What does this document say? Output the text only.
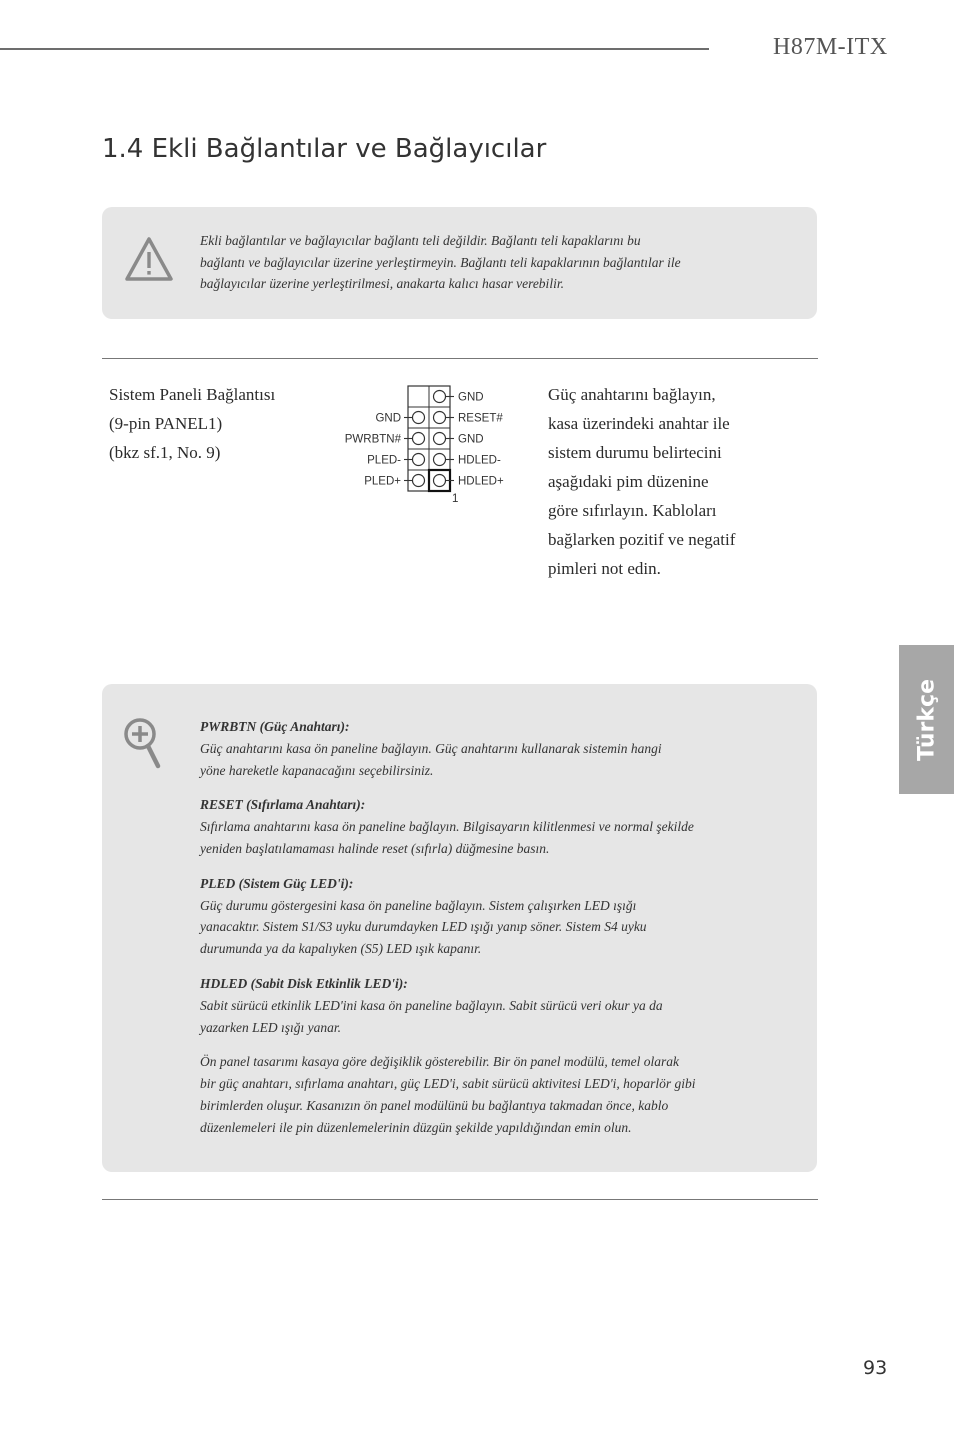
H87M-ITX
1.4 Ekli Bağlantılar ve Bağlayıcılar
Ekli bağlantılar ve bağlayıcılar bağlantı teli değildir. Bağlantı teli kapaklarını bu
bağlantı ve bağlayıcılar üzerine yerleştirmeyin. Bağlantı teli kapaklarının bağlantılar ile
bağlayıcılar üzerine yerleştirilmesi, anakarta kalıcı hasar verebilir.
Sistem Paneli Bağlantısı
(9-pin PANEL1)
(bkz sf.1, No. 9)
GND
RESET#
GND
HDLED-
HDLED+
GND
PWRBTN#
PLED-
PLED+
1
Güç anahtarını bağlayın,
kasa üzerindeki anahtar ile
sistem durumu belirtecini
aşağıdaki pim düzenine
göre sıfırlayın. Kabloları
bağlarken pozitif ve negatif
pimleri not edin.
PWRBTN (Güç Anahtarı):
Güç anahtarını kasa ön paneline bağlayın. Güç anahtarını kullanarak sistemin hangi
yöne hareketle kapanacağını seçebilirsiniz.
RESET (Sıfırlama Anahtarı):
Sıfırlama anahtarını kasa ön paneline bağlayın. Bilgisayarın kilitlenmesi ve normal şekilde
yeniden başlatılamaması halinde reset (sıfırla) düğmesine basın.
PLED (Sistem Güç LED'i):
Güç durumu göstergesini kasa ön paneline bağlayın. Sistem çalışırken LED ışığı
yanacaktır. Sistem S1/S3 uyku durumdayken LED ışığı yanıp söner. Sistem S4 uyku
durumunda ya da kapalıyken (S5) LED ışık kapanır.
HDLED (Sabit Disk Etkinlik LED'i):
Sabit sürücü etkinlik LED'ini kasa ön paneline bağlayın. Sabit sürücü veri okur ya da
yazarken LED ışığı yanar.
Ön panel tasarımı kasaya göre değişiklik gösterebilir. Bir ön panel modülü, temel olarak
bir güç anahtarı, sıfırlama anahtarı, güç LED'i, sabit sürücü aktivitesi LED'i, hoparlör gibi
birimlerden oluşur. Kasanızın ön panel modülünü bu bağlantıya takmadan önce, kablo
düzenlemeleri ile pin düzenlemelerinin düzgün şekilde yapıldığından emin olun.
Türkçe
93
